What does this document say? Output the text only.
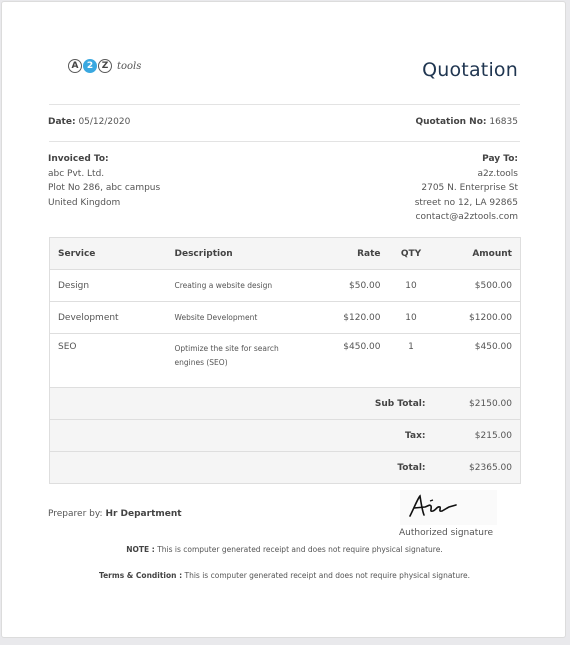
A 2 Z tools	Quotation
Date: 05/12/2020	Quotation No: 16835
Invoiced To:
abc Pvt. Ltd.
Plot No 286, abc campus
United Kingdom
Pay To:
a2z.tools
2705 N. Enterprise St
street no 12, LA 92865
contact@a2ztools.com
Service	Description	Rate	QTY	Amount
Design	Creating a website design	$50.00	10	$500.00
Development	Website Development	$120.00	10	$1200.00
SEO	Optimize the site for search engines (SEO)	$450.00	1	$450.00
Sub Total:				$2150.00
Tax:				$215.00
Total:				$2365.00
Preparer by: Hr Department
Authorized signature
NOTE : This is computer generated receipt and does not require physical signature.
Terms & Condition : This is computer generated receipt and does not require physical signature.
